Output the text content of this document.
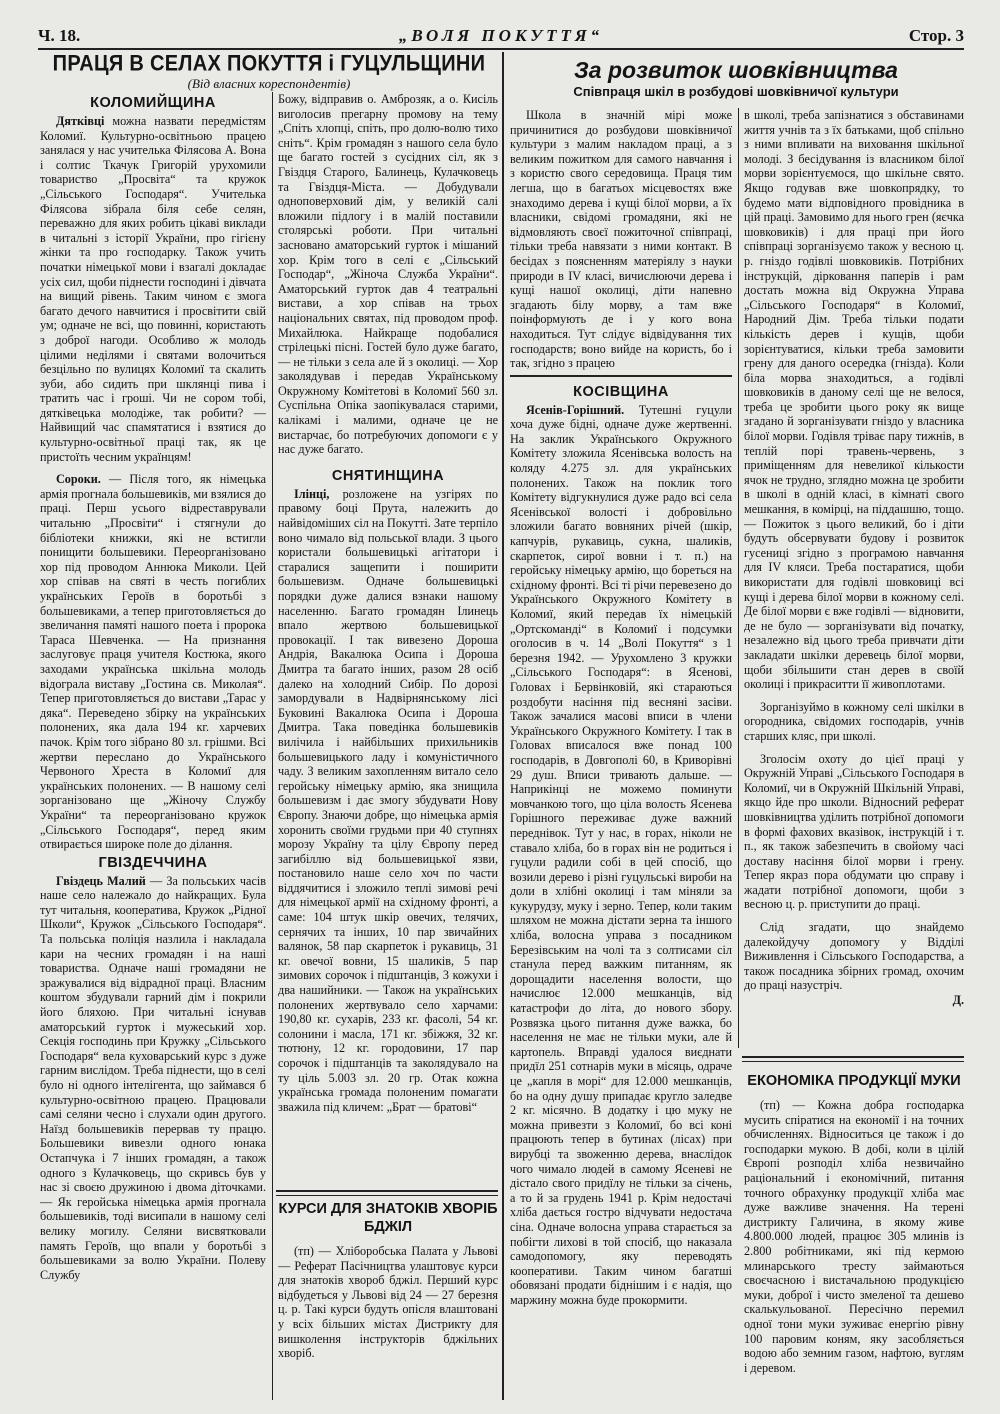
Ч. 18.	„ВОЛЯ ПОКУТТЯ“	Стор. 3
ПРАЦЯ В СЕЛАХ ПОКУТТЯ і ГУЦУЛЬЩИНИ
(Від власних кореспондентів)
КОЛОМИЙЩИНА

Дятківці можна назвати передмістям Коломиї. Культурно-освітньою працею занялася у нас учителька Філясова А. Вона і солтис Ткачук Григорій урухомили товариство „Просвіта“ та кружок „Сільського Господаря“. Учителька Філясова зібрала біля себе селян, переважно для яких робить цікаві виклади в читальні з історії України, про гігієну жінки та про господарку. Також учить початки німецької мови і взагалі докладає усіх сил, щоби піднести господині і дівчата на вищий рівень. Таким чином є змога багато дечого навчитися і просвітити свій ум; одначе не всі, що повинні, користають з доброї нагоди. Особливо ж молодь цілими неділями і святами волочиться безцільно по вулицях Коломиї та скалить зуби, або сидить при шклянці пива і тратить час і гроші. Чи не сором тобі, дятківецька молодіже, так робити? — Найвищий час спамятатися і взятися до культурно-освітньої праці так, як це пристоїть чесним українцям!

Сороки. — Після того, як німецька армія прогнала большевиків, ми взялися до праці. Перш усього відреставрували читальню „Просвіти“ і стягнули до бібліотеки книжки, які не встигли понищити большевики. Переорганізовано хор під проводом Аннюка Миколи. Цей хор співав на святі в честь погиблих українських Героїв в боротьбі з большевиками, а тепер приготовляється до звеличання памяті нашого поета і пророка Тараса Шевченка. — На признання заслуговує праця учителя Костюка, якого заходами українська шкільна молодь відограла виставу „Гостина св. Миколая“. Тепер приготовляється до вистави „Тарас у дяка“. Переведено збірку на українських полонених, яка дала 194 кг. харчевих пачок. Крім того зібрано 80 зл. грішми. Всі жертви переслано до Українського Червоного Хреста в Коломиї для українських полонених. — В нашому селі зорганізовано ще „Жіночу Службу України“ та переорганізовано кружок „Сільського Господаря“, перед яким отвирається широке поле до ділання.

ГВІЗДЕЧЧИНА

Гвіздець Малий — За польських часів наше село належало до найкращих. Була тут читальня, кооператива, Кружок „Рідної Школи“, Кружок „Сільського Господаря“. Та польська поліція назлила і накладала кари на чесних громадян і на наші товариства. Одначе наші громадяни не зражувалися від відрадної праці. Власним коштом збудували гарний дім і покрили його бляхою. При читальні існував аматорський гурток і мужеський хор. Секція господинь при Кружку „Сільського Господаря“ вела куховарський курс з дуже гарним вислідом. Треба піднести, що в селі було ні одного інтелігента, що займався б культурно-освітною працею. Працювали самі селяни чесно і слухали один другого. Наїзд большевиків перервав ту працю. Большевики вивезли одного юнака Остапчука і 7 інших громадян, а також одного з Кулачковець, що скривсь був у нас зі своєю дружиною і двома діточками. — Як геройська німецька армія прогнала большевиків, тоді висипали в нашому селі велику могилу. Селяни висвятковали память Героїв, що впали у боротьбі з большевиками за волю України. Полеву Службу

Божу, відправив о. Амброзяк, а о. Кисіль виголосив прегарну промову на тему „Спіть хлопці, спіть, про долю-волю тихо сніть“. Крім громадян з нашого села було ще багато гостей з сусідних сіл, як з Гвіздця Старого, Балинець, Кулачковець та Гвіздця-Міста. — Добудували одноповерховий дім, у великій салі вложили підлогу і в малій поставили столярські роботи. При читальні засновано аматорський гурток і мішаний хор. Крім того в селі є „Сільський Господар“, „Жіноча Служба України“. Аматорський гурток дав 4 театральні вистави, а хор співав на трьох національних святах, під проводом проф. Михайлюка. Найкраще подобалися стрілецькі пісні. Гостей було дуже багато, — не тільки з села але й з околиці. — Хор заколядував і передав Українському Окружному Комітетові в Коломиї 560 зл. Суспільна Опіка заопікувалася старими, калікамі і малими, одначе це не вистарчає, бо потребуючих допомоги є у нас дуже багато.

СНЯТИНЩИНА

Ілінці, розложене на узгірях по правому боці Прута, належить до найвідоміших сіл на Покутті. Зате терпіло воно чимало від польської влади. З цього користали большевицькі агітатори і старалися защепити і поширити большевизм. Одначе большевицькі порядки дуже далися взнаки нашому населенню. Багато громадян Ілинець впало жертвою большевицької провокації. І так вивезено Дороша Андрія, Вакалюка Осипа і Дороша Дмитра та багато інших, разом 28 осіб далеко на холодний Сибір. По дорозі замордували в Надвірнянському лісі Буковині Вакалюка Осипа і Дороша Дмитра. Така поведінка большевиків вилічила і найбільших прихильників большевицького ладу і комуністичного чаду. З великим захопленням витало село геройську німецьку армію, яка знищила большевизм і дає змогу збудувати Нову Європу. Знаючи добре, що німецька армія хоронить своїми грудьми при 40 ступнях морозу Україну та цілу Європу перед загибіллю від большевицької язви, постановило наше село хоч по части віддячитися і зложило теплі зимові речі для німецької армії на східному фронті, а саме: 104 штук шкір овечих, телячих, сернячих та інших, 10 пар звичайних валянок, 58 пар скарпеток і рукавиць, 31 кг. овечої вовни, 15 шаликів, 5 пар зимових сорочок і підштанців, 3 кожухи і два нашийники. — Також на українських полонених жертвувало село харчами: 190,80 кг. сухарів, 233 кг. фасолі, 54 кг. солонини і масла, 171 кг. збіжжя, 32 кг. тютюну, 12 кг. городовини, 17 пар сорочок і підштанців та заколядувало на ту ціль 5.003 зл. 20 гр. Отак кожна українська громада полоненим помагати зважила під кличем: „Брат — братові“

КУРСИ ДЛЯ ЗНАТОКІВ ХВОРІБ БДЖІЛ

(тп) — Хліборобська Палата у Львові — Реферат Пасічництва улаштовує курси для знатоків хвороб бджіл. Перший курс відбудеться у Львові від 24 — 27 березня ц. р. Такі курси будуть опісля влаштовані у всіх більших містах Дистрикту для вишколення інструкторів бджільних хворіб.

За розвиток шовківництва
Співпраця шкіл в розбудові шовківничої культури

Школа в значній мірі може причинитися до розбудови шовківничої культури з малим накладом праці, а з великим пожитком для самого навчання і з користю свого середовища. Праця тим легша, що в багатьох місцевостях вже знаходимо дерева і кущі білої морви, а їх власники, свідомі громадяни, які не відмовляють своєї пожиточної співпраці, тільки треба навязати з ними контакт. В бесідах з поясненням матеріялу з науки природи в IV класі, вичислюючи дерева і кущі нашої околиці, діти напевно згадають білу морву, а там вже поінформують де і у кого вона находиться. Тут слідує відвідування тих господарств; воно вийде на користь, бо і так, згідно з працею

КОСІВЩИНА

Ясенів-Горішний. Тутешні гуцули хоча дуже бідні, одначе дуже жертвенні. На заклик Українського Окружного Комітету зложила Ясенівська волость на коляду 4.275 зл. для українських полонених. Також на поклик того Комітету відгукнулися дуже радо всі села Ясенівської волості і добровільно зложили багато вовняних річей (шкір, капчурів, рукавиць, сукна, шаликів, скарпеток, сирої вовни і т. п.) на геройську німецьку армію, що бореться на східному фронті. Всі ті річи перевезено до Українського Окружного Комітету в Коломиї, який передав їх німецькій „Ортскоманді“ в Коломиї і подсумки оголосив в ч. 14 „Волі Покуття“ з 1 березня 1942. — Урухомлено 3 кружки „Сільського Господаря“: в Ясенові, Головах і Бервінковій, які стараються роздобути насіння під весняні засіви. Також зачалися масові вписи в члени Українського Окружного Комітету. І так в Головах вписалося вже понад 100 господарів, в Довгополі 60, в Криворівні 29 душ. Вписи тривають дальше. — Наприкінці не можемо поминути мовчанкою того, що ціла волость Ясенева Горішного переживає дуже важний переднівок. Тут у нас, в горах, ніколи не ставало хліба, бо в горах він не родиться і гуцули радили собі в цей спосіб, що возили дерево і різні гуцульські вироби на доли в хлібні околиці і там міняли за кукурудзу, муку і зерно. Тепер, коли таким шляхом не можна дістати зерна та іншого хліба, волосна управа з посадником Березівським на чолі та з солтисами сіл станула перед важким питанням, як дорощадити населення волости, що начислює 12.000 мешканців, від катастрофи до літа, до нового збору. Розвязка цього питання дуже важка, бо населення не має не тільки муки, але й картопель. Вправді удалося виєднати придїл 251 сотнарів муки в місяць, одраче це „капля в морі“ для 12.000 мешканців, бо на одну душу припадає кругло заледве 2 кг. місячно. В додатку і цю муку не можна привезти з Коломиї, бо всі коні працюють тепер в бутинах (лісах) при вирубці та звоженню дерева, внаслідок чого чимало людей в самому Ясеневі не дістало свого придїлу не тільки за січень, а то й за грудень 1941 р. Крім недостачі хліба дається гостро відчувати недостача сіна. Одначе волосна управа старається за побігти лихові в той спосіб, що наказала самодопомогу, яку переводять кооперативи. Таким чином багатші обовязані продати біднішим і є надія, що маржину можна буде прокормити.

в школі, треба запізнатися з обставинами життя учнів та з їх батьками, щоб спільно з ними впливати на виховання шкільної молоді. З бесідування із власником білої морви зорієнтуємося, що шкільне свято. Якщо годував вже шовкопрядку, то будемо мати відповідного провідника в цій праці. Замовимо для нього грен (яєчка шовковиків) і для праці при його співпраці зорганізуємо також у весною ц. р. гніздо годівлі шовковиків. Потрібних інструкцій, дірковання паперів і рам достать можна від Окружна Управа „Сільського Господаря“ в Коломиї, Народний Дім. Треба тільки подати кількість дерев і кущів, щоби зорієнтуватися, кільки треба замовити грену для даного осередка (гнізда). Коли біла морва знаходиться, а годівлі шовковиків в даному селі ще не велося, треба це зробити цього року як вище згадано й зорганізувати гніздо у власника білої морви. Годівля тріває пару тижнів, в теплій порі травень-червень, з приміщенням для невеликої кількости ячок не трудно, зглядно можна це зробити в школі в одній класі, в кімнаті свого мешкання, в комірці, на піддашшю, тощо. — Пожиток з цього великий, бо і діти будуть обсервувати будову і розвиток гусениці згідно з програмою навчання для IV кляси. Треба постаратися, щоби використати для годівлі шовковиці всі кущі і дерева білої морви в кожному селі. Де білої морви є вже годівлі — відновити, де не було — зорганізувати від початку, незалежно від цього треба привчати діти закладати шкілки деревець білої морви, щоби збільшити стан дерев в своїй околиці і прикраситти її живоплотами.

Зорганізуймо в кожному селі шкілки в огородника, свідомих господарів, учнів старших кляс, при школі.

Зголосім охоту до цієї праці у Окружній Управі „Сільського Господаря в Коломиї, чи в Окружній Шкільній Управі, якщо йде про школи. Відносний реферат шовківництва уділить потрібної допомоги в формі фахових вказівок, інструкцій і т. п., як також забезпечить в свойому часі доставу насіння білої морви і грену. Тепер якраз пора обдумати цю справу і жадати потрібної допомоги, щоби з весною ц. р. приступити до праці.

Слід згадати, що знайдемо далекойдучу допомогу у Відділі Виживлення і Сільського Господарства, а також посадника збірних громад, охочим до праці назустріч.

Д.
ЕКОНОМІКА ПРОДУКЦІЇ МУКИ

(тп) — Кожна добра господарка мусить спіратися на економії і на точних обчисленнях. Відноситься це також і до господарки мукою. В добі, коли в цілій Європі розподіл хліба незвичайно раціональний і економічний, питання точного обрахунку продукції хліба має дуже важливе значення. На терені дистрикту Галичина, в якому живе 4.800.000 людей, працює 305 млинів із 2.800 робітниками, які під кермою млинарського тресту займаються своєчасною і вистачальною продукцією муки, доброї і чисто змеленої та дешево скалькульованої. Пересічно перемил одної тони муки зуживає енергію рівну 100 паровим коням, яку засобляється водою або земним газом, нафтою, вуглям і деревом.
